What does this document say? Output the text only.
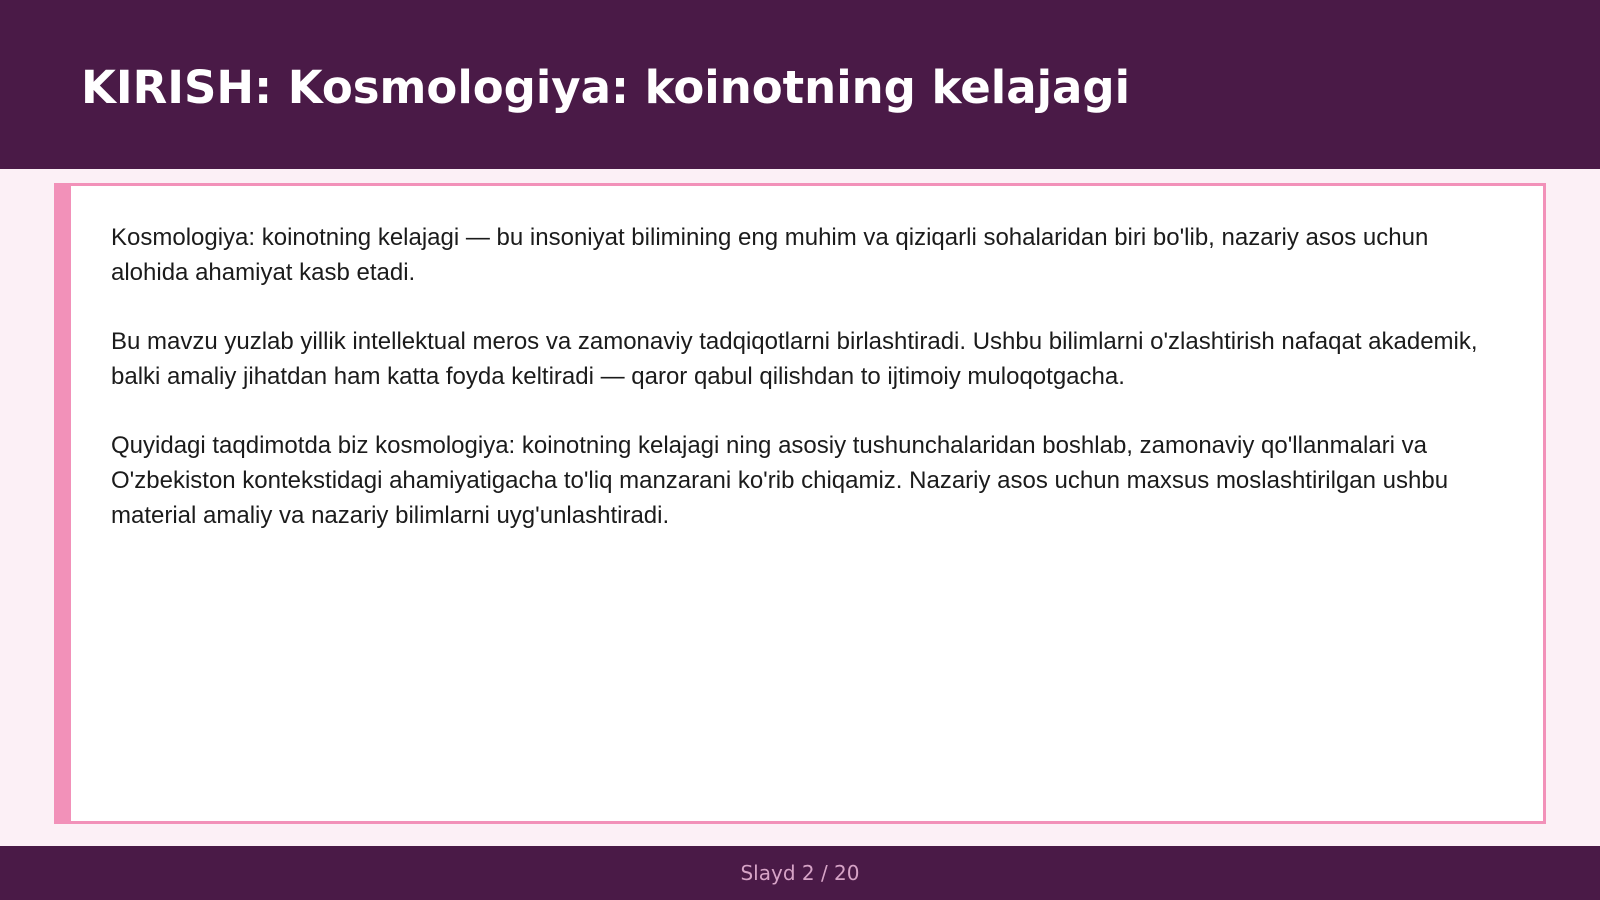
KIRISH: Kosmologiya: koinotning kelajagi

Kosmologiya: koinotning kelajagi — bu insoniyat bilimining eng muhim va qiziqarli sohalaridan biri bo'lib, nazariy asos uchun alohida ahamiyat kasb etadi.

Bu mavzu yuzlab yillik intellektual meros va zamonaviy tadqiqotlarni birlashtiradi. Ushbu bilimlarni o'zlashtirish nafaqat akademik, balki amaliy jihatdan ham katta foyda keltiradi — qaror qabul qilishdan to ijtimoiy muloqotgacha.

Quyidagi taqdimotda biz kosmologiya: koinotning kelajagi ning asosiy tushunchalaridan boshlab, zamonaviy qo'llanmalari va O'zbekiston kontekstidagi ahamiyatigacha to'liq manzarani ko'rib chiqamiz. Nazariy asos uchun maxsus moslashtirilgan ushbu material amaliy va nazariy bilimlarni uyg'unlashtiradi.

Slayd 2 / 20
